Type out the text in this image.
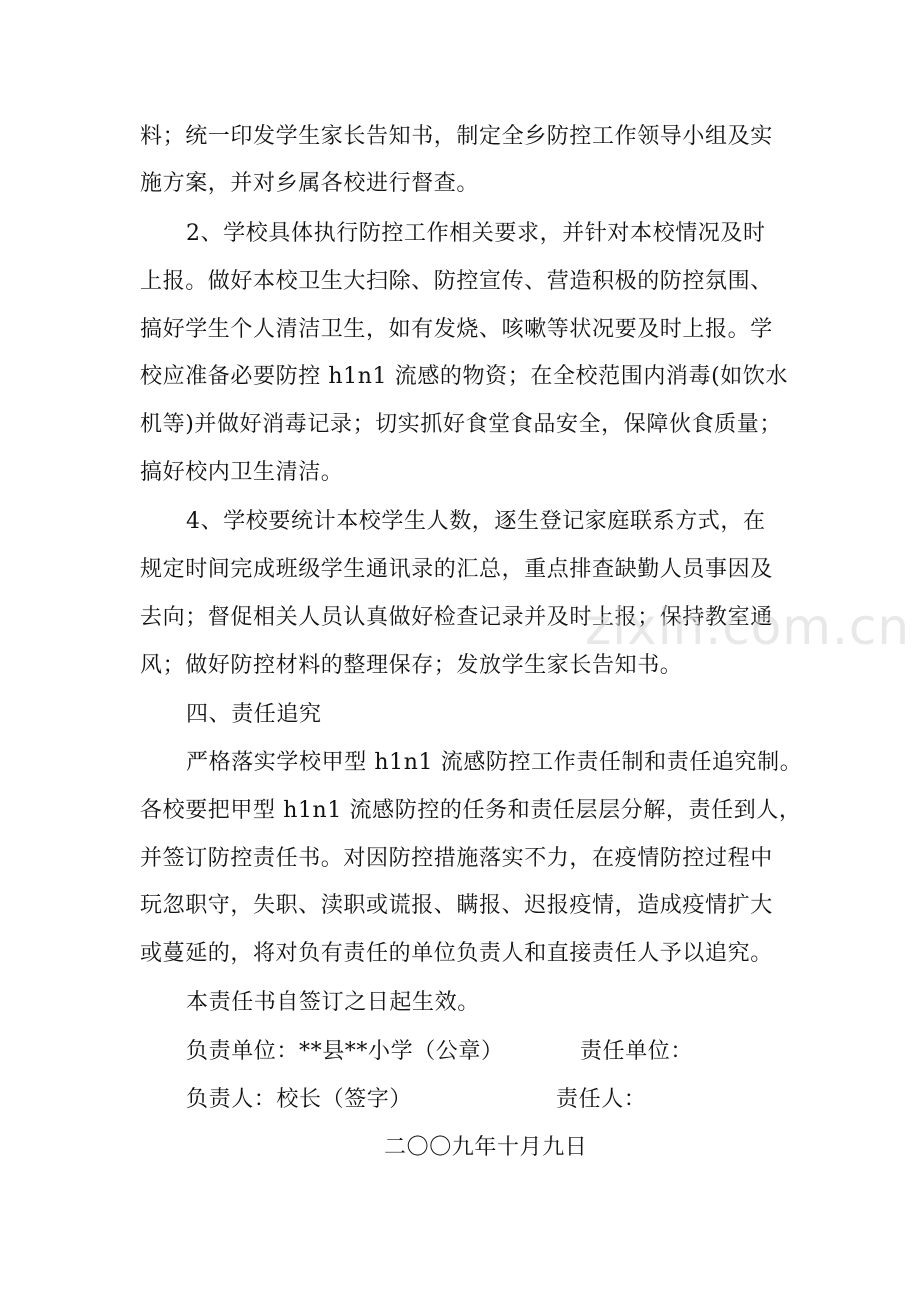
料；统一印发学生家长告知书，制定全乡防控工作领导小组及实
施方案，并对乡属各校进行督查。
2、学校具体执行防控工作相关要求，并针对本校情况及时
上报。做好本校卫生大扫除、防控宣传、营造积极的防控氛围、
搞好学生个人清洁卫生，如有发烧、咳嗽等状况要及时上报。学
校应准备必要防控 h1n1 流感的物资；在全校范围内消毒(如饮水
机等)并做好消毒记录；切实抓好食堂食品安全，保障伙食质量；
搞好校内卫生清洁。
4、学校要统计本校学生人数，逐生登记家庭联系方式，在
规定时间完成班级学生通讯录的汇总，重点排查缺勤人员事因及
去向；督促相关人员认真做好检查记录并及时上报；保持教室通
风；做好防控材料的整理保存；发放学生家长告知书。
四、责任追究
严格落实学校甲型 h1n1 流感防控工作责任制和责任追究制。
各校要把甲型 h1n1 流感防控的任务和责任层层分解，责任到人，
并签订防控责任书。对因防控措施落实不力，在疫情防控过程中
玩忽职守，失职、渎职或谎报、瞒报、迟报疫情，造成疫情扩大
或蔓延的，将对负有责任的单位负责人和直接责任人予以追究。
本责任书自签订之日起生效。
负责单位：**县**小学（公章）	责任单位：
负责人：校长（签字）	责任人：
二〇〇九年十月九日
zixin.com.cn
